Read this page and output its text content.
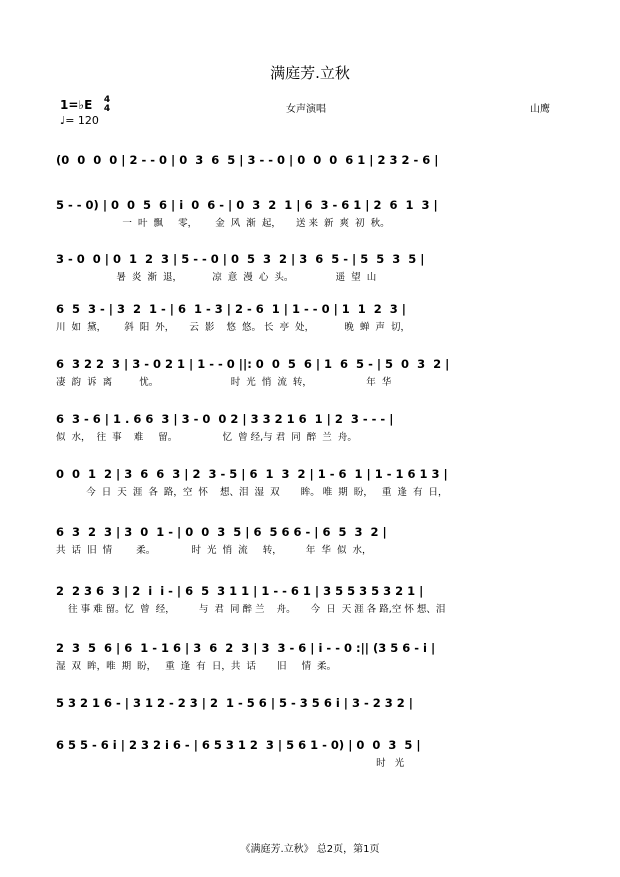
满庭芳.立秋
1=♭E 4
4
♩= 120
女声演唱	山鹰
(0  0  0  0 | 2 - - 0 | 0  3  6  5 | 3 - - 0 | 0  0  0  6 1 | 2 3 2 - 6 |
5 - - 0) | 0  0  5  6 | i  0  6 - | 0  3  2  1 | 6  3 - 6 1 | 2  6  1  3 |
一  叶  飘     零，      金  风  渐  起，     送 来  新  爽  初  秋。
3 - 0  0 | 0  1  2  3 | 5 - - 0 | 0  5  3  2 | 3  6  5 - | 5  5  3  5 |
暑  炎  渐  退，          凉  意  漫  心  头。              遥  望  山
6  5  3 - | 3  2  1 - | 6  1 - 3 | 2 - 6  1 | 1 - - 0 | 1  1  2  3 |
川  如  黛，      斜  阳  外，     云  影    悠  悠。 长  亭  处，          晚  蝉  声  切，
6  3 2 2  3 | 3 - 0 2 1 | 1 - - 0 ||: 0  0  5  6 | 1  6  5 - | 5  0  3  2 |
凄  韵  诉  离         忧。                        时  光  悄  流  转，                  年  华
6  3 - 6 | 1 . 6 6  3 | 3 - 0  0 2 | 3 3 2 1 6  1 | 2  3 - - - |
似  水，  往  事    难     留。               忆  曾 经,与 君  同  醉  兰  舟。
0  0  1  2 | 3  6  6  3 | 2  3 - 5 | 6  1  3  2 | 1 - 6  1 | 1 - 1 6 1 3 |
今  日  天  涯  各  路，空  怀    想、泪  湿  双       眸。 唯  期  盼，   重  逢  有  日，
6  3  2  3 | 3  0  1 - | 0  0  3  5 | 6  5 6 6 - | 6  5  3  2 |
共  话  旧  情        柔。            时  光  悄  流     转，        年  华  似  水，
2  2 3 6  3 | 2  i  i - | 6  5  3 1 1 | 1 - - 6 1 | 3 5 5 3 5 3 2 1 |
往 事 难 留。忆  曾  经，        与  君  同 醉 兰    舟。     今  日  天 涯 各 路,空 怀 想、泪
2  3  5  6 | 6  1 - 1 6 | 3  6  2  3 | 3  3 - 6 | i - - 0 :|| (3 5 6 - i |
湿  双  眸，唯  期  盼，   重  逢  有  日，共  话       旧     情  柔。
5 3 2 1 6 - | 3 1 2 - 2 3 | 2  1 - 5 6 | 5 - 3 5 6 i | 3 - 2 3 2 |
6 5 5 - 6 i | 2 3 2 i 6 - | 6 5 3 1 2  3 | 5 6 1 - 0) | 0  0  3  5 |
时   光
《满庭芳.立秋》 总2页，第1页
